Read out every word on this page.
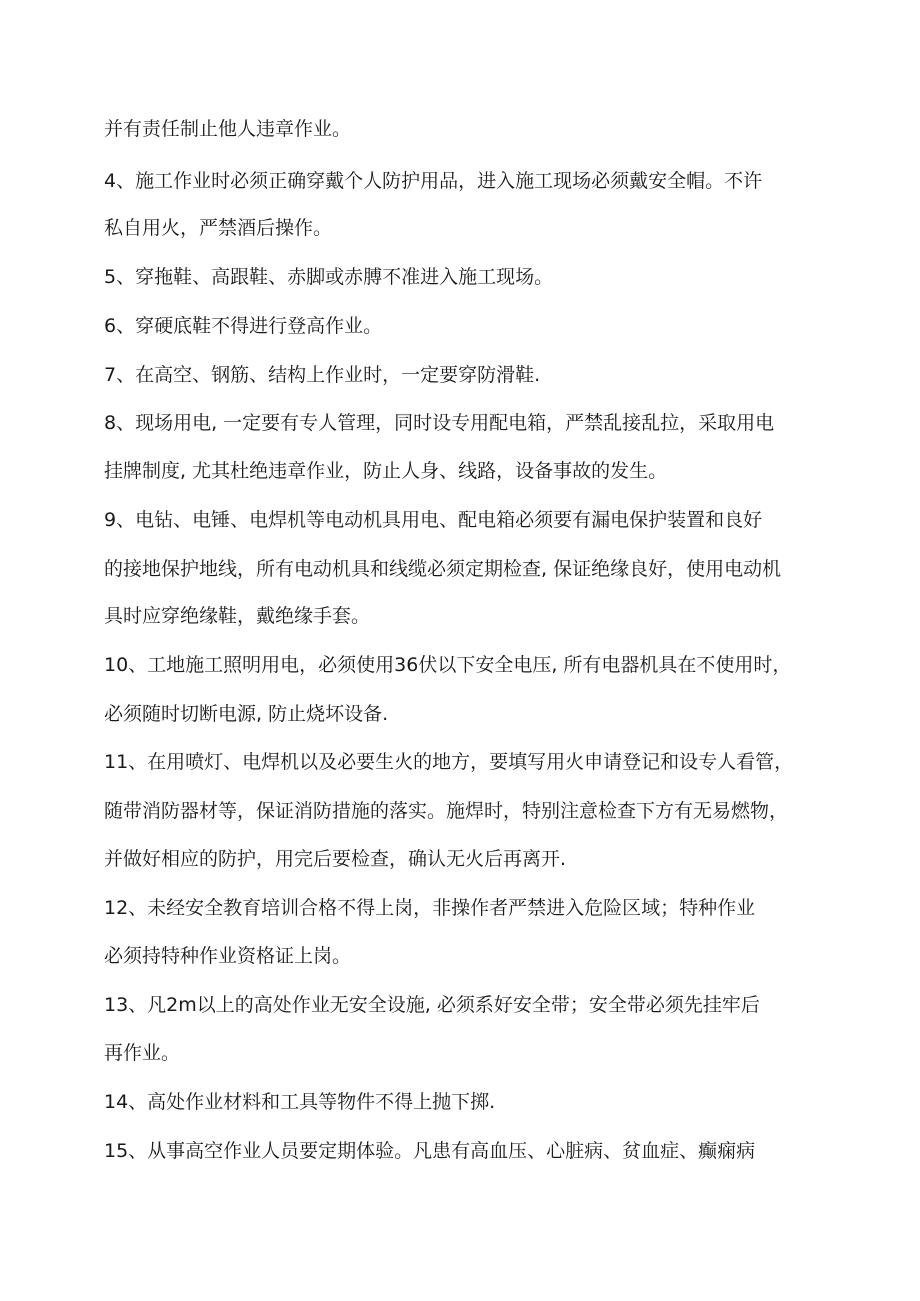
并有责任制止他人违章作业。
4、施工作业时必须正确穿戴个人防护用品，进入施工现场必须戴安全帽。不许
私自用火，严禁酒后操作。
5、穿拖鞋、高跟鞋、赤脚或赤膊不准进入施工现场。
6、穿硬底鞋不得进行登高作业。
7、在高空、钢筋、结构上作业时，一定要穿防滑鞋.
8、现场用电, 一定要有专人管理，同时设专用配电箱，严禁乱接乱拉，采取用电
挂牌制度, 尤其杜绝违章作业，防止人身、线路，设备事故的发生。
9、电钻、电锤、电焊机等电动机具用电、配电箱必须要有漏电保护装置和良好
的接地保护地线，所有电动机具和线缆必须定期检查, 保证绝缘良好，使用电动机
具时应穿绝缘鞋，戴绝缘手套。
10、工地施工照明用电，必须使用36伏以下安全电压, 所有电器机具在不使用时，
必须随时切断电源, 防止烧坏设备.
11、在用喷灯、电焊机以及必要生火的地方，要填写用火申请登记和设专人看管，
随带消防器材等，保证消防措施的落实。施焊时，特别注意检查下方有无易燃物，
并做好相应的防护，用完后要检查，确认无火后再离开.
12、未经安全教育培训合格不得上岗，非操作者严禁进入危险区域；特种作业
必须持特种作业资格证上岗。
13、凡2m以上的高处作业无安全设施, 必须系好安全带；安全带必须先挂牢后
再作业。
14、高处作业材料和工具等物件不得上抛下掷.
15、从事高空作业人员要定期体验。凡患有高血压、心脏病、贫血症、癫痫病
